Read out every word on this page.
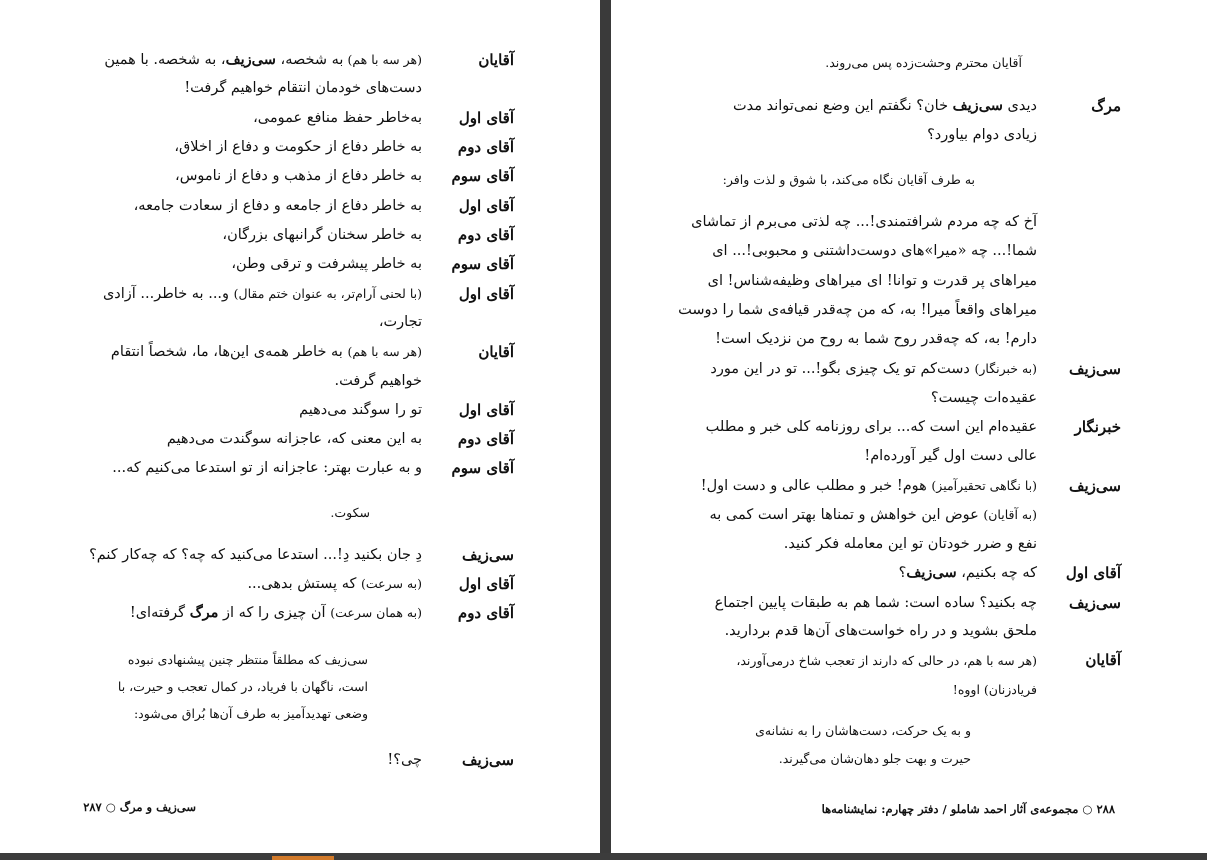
آقایان
(هر سه با هم) به شخصه، سی‌زیف، به شخصه. با همین
دست‌های خودمان انتقام خواهیم گرفت!
آقای اول
به‌خاطر حفظ منافع عمومی،
آقای دوم
به خاطر دفاع از حکومت و دفاع از اخلاق،
آقای سوم
به خاطر دفاع از مذهب و دفاع از ناموس،
آقای اول
به خاطر دفاع از جامعه و دفاع از سعادت جامعه،
آقای دوم
به خاطر سخنان گرانبهای بزرگان،
آقای سوم
به خاطر پیشرفت و ترقی وطن،
آقای اول
(با لحنی آرام‌تر، به عنوان ختم مقال) و... به خاطر... آزادی
تجارت،
آقایان
(هر سه با هم) به خاطر همه‌ی این‌ها، ما، شخصاً انتقام
خواهیم گرفت.
آقای اول
تو را سوگند می‌دهیم
آقای دوم
به این معنی که، عاجزانه سوگندت می‌دهیم
آقای سوم
و به عبارت بهتر: عاجزانه از تو استدعا می‌کنیم که...
سکوت.
سی‌زیف
دِ جان بکنید دِ!... استدعا می‌کنید که چه؟ که چه‌کار کنم؟
آقای اول
(به سرعت) که پستش بدهی...
آقای دوم
(به همان سرعت) آن چیزی را که از مرگ گرفته‌ای!
سی‌زیف که مطلقاً منتظر چنین پیشنهادی نبوده
است، ناگهان با فریاد، در کمال تعجب و حیرت، با
وضعی تهدیدآمیز به طرف آن‌ها بُراق می‌شود:
سی‌زیف
چی؟!
سی‌زیف و مرگ ○ ۲۸۷
آقایان محترم وحشت‌زده پس می‌روند.
مرگ
دیدی سی‌زیف خان؟ نگفتم این وضع نمی‌تواند مدت
زیادی دوام بیاورد؟
به طرف آقایان نگاه می‌کند، با شوق و لذت وافر:
آخ که چه مردم شرافتمندی!... چه لذتی می‌برم از تماشای
شما!... چه «میرا»های دوست‌داشتنی و محبوبی!... ای
میراهای پر قدرت و توانا! ای میراهای وظیفه‌شناس! ای
میراهای واقعاً میرا! به، که من چه‌قدر قیافه‌ی شما را دوست
دارم! به، که چه‌قدر روح شما به روح من نزدیک است!
سی‌زیف
(به خبرنگار) دست‌کم تو یک چیزی بگو!... تو در این مورد
عقیده‌ات چیست؟
خبرنگار
عقیده‌ام این است که... برای روزنامه کلی خبر و مطلب
عالی دست اول گیر آورده‌ام!
سی‌زیف
(با نگاهی تحقیرآمیز) هوم! خبر و مطلب عالی و دست اول!
(به آقایان) عوض این خواهش و تمناها بهتر است کمی به
نفع و ضرر خودتان تو این معامله فکر کنید.
آقای اول
که چه بکنیم، سی‌زیف؟
سی‌زیف
چه بکنید؟ ساده است: شما هم به طبقات پایین اجتماع
ملحق بشوید و در راه خواست‌های آن‌ها قدم بردارید.
آقایان
(هر سه با هم، در حالی که دارند از تعجب شاخ درمی‌آورند،
فریادزنان) اووه!
و به یک حرکت، دست‌هاشان را به نشانه‌ی
حیرت و بهت جلو دهان‌شان می‌گیرند.
۲۸۸ ○ مجموعه‌ی آثار احمد شاملو / دفتر چهارم: نمایشنامه‌ها
